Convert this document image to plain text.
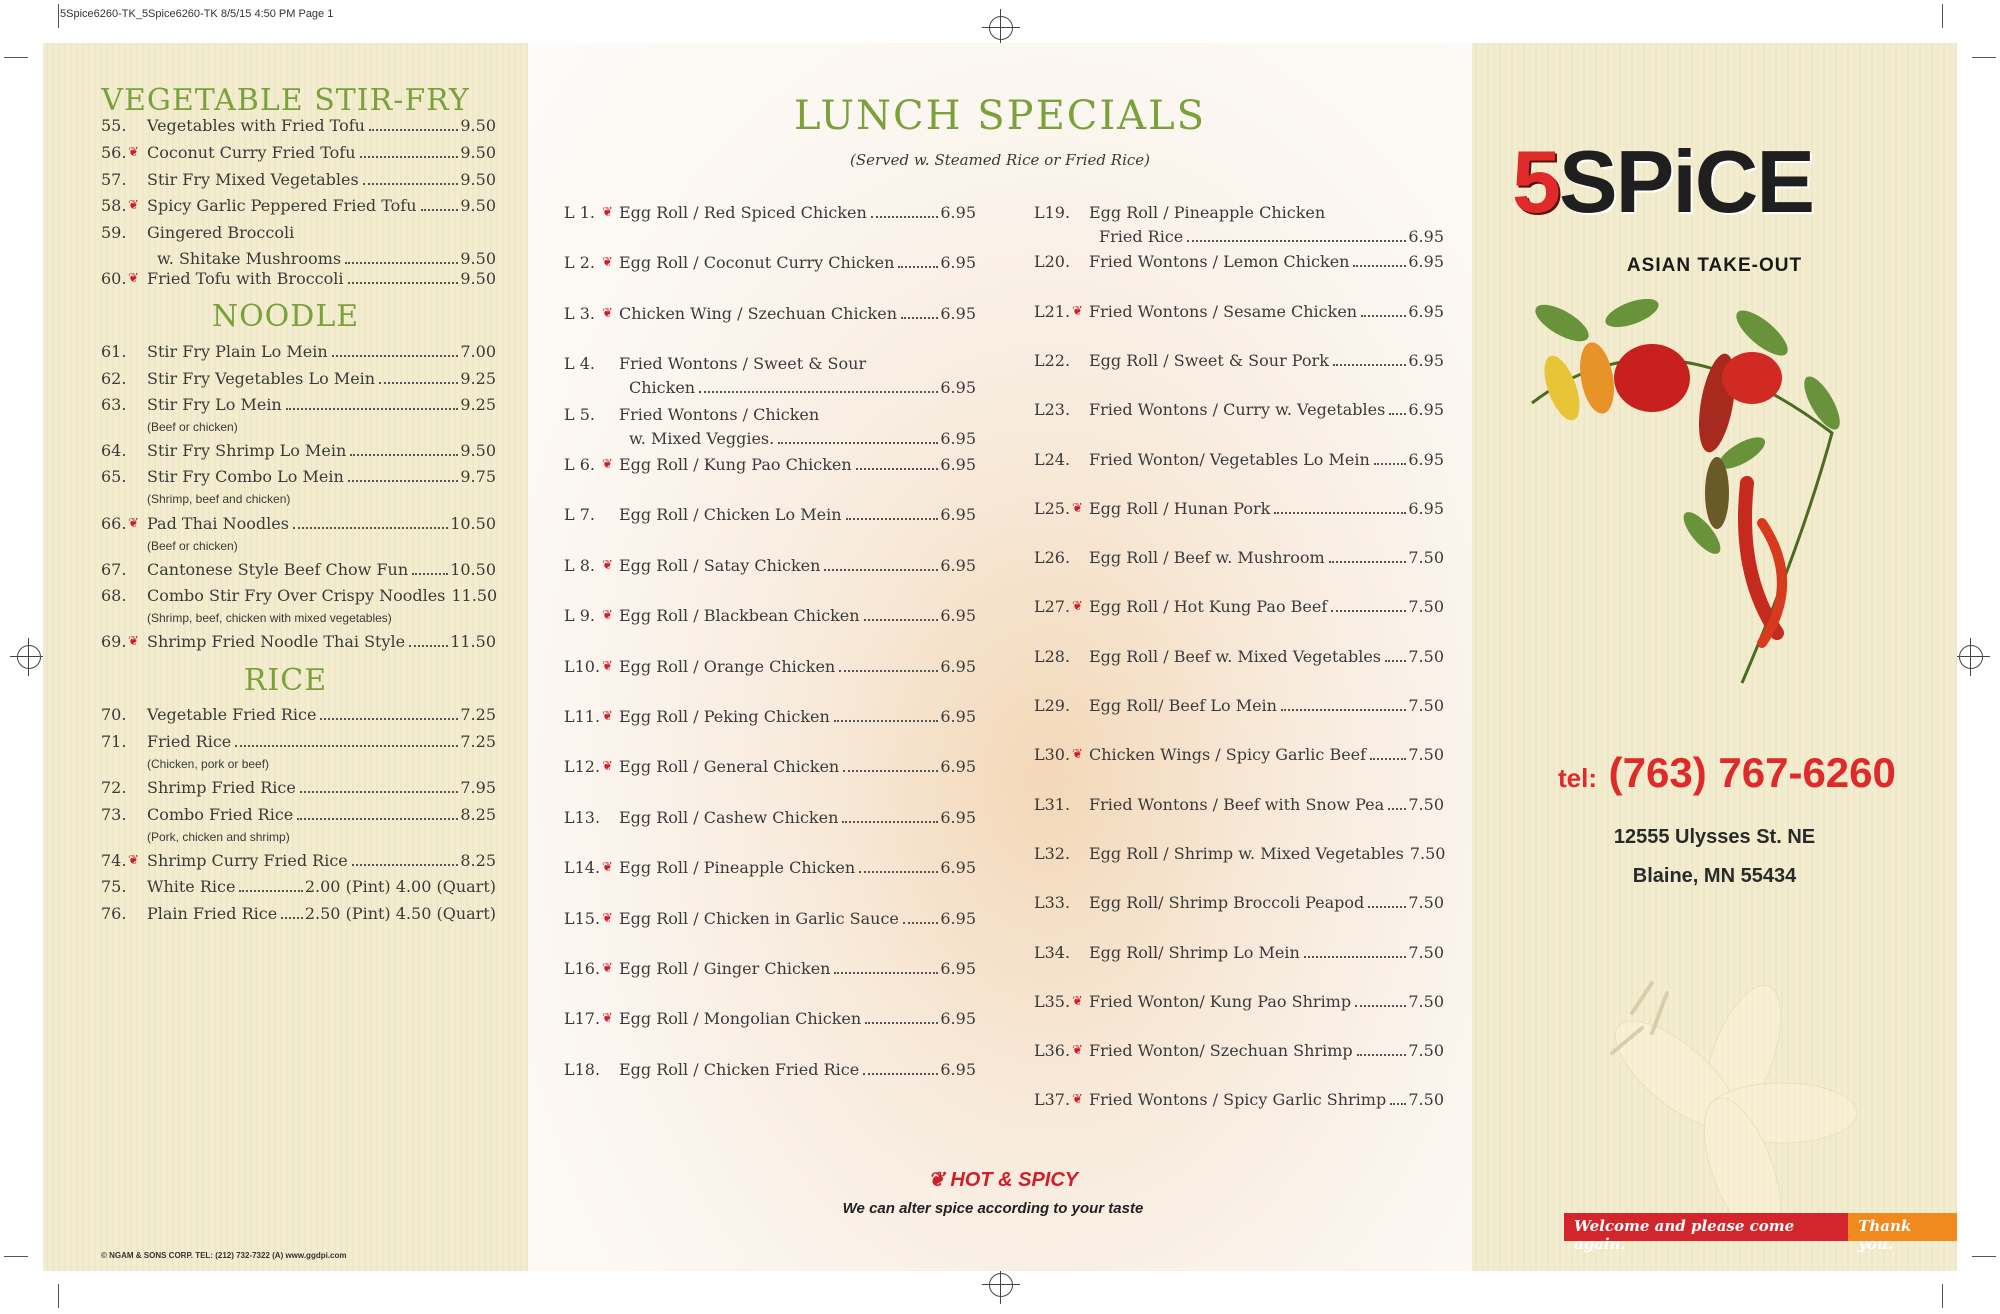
5Spice6260-TK_5Spice6260-TK 8/5/15 4:50 PM Page 1
VEGETABLE STIR-FRY
55.	Vegetables with Fried Tofu	9.50
56. ❦ Coconut Curry Fried Tofu	9.50
57.	Stir Fry Mixed Vegetables	9.50
58. ❦ Spicy Garlic Peppered Fried Tofu	9.50
59.	Gingered Broccoli
w. Shitake Mushrooms	9.50
60. ❦ Fried Tofu with Broccoli	9.50
NOODLE
61.	Stir Fry Plain Lo Mein	7.00
62.	Stir Fry Vegetables Lo Mein	9.25
63.	Stir Fry Lo Mein	9.25
(Beef or chicken)
64.	Stir Fry Shrimp Lo Mein	9.50
65.	Stir Fry Combo Lo Mein	9.75
(Shrimp, beef and chicken)
66. ❦ Pad Thai Noodles	10.50
(Beef or chicken)
67.	Cantonese Style Beef Chow Fun	10.50
68.	Combo Stir Fry Over Crispy Noodles 11.50
(Shrimp, beef, chicken with mixed vegetables)
69. ❦ Shrimp Fried Noodle Thai Style	11.50
RICE
70.	Vegetable Fried Rice	7.25
71.	Fried Rice	7.25
(Chicken, pork or beef)
72.	Shrimp Fried Rice	7.95
73.	Combo Fried Rice	8.25
(Pork, chicken and shrimp)
74. ❦ Shrimp Curry Fried Rice	8.25
75.	White Rice	2.00 (Pint) 4.00 (Quart)
76.	Plain Fried Rice 2.50 (Pint) 4.50 (Quart)
© NGAM & SONS CORP. TEL: (212) 732-7322 (A) www.ggdpi.com
LUNCH SPECIALS
(Served w. Steamed Rice or Fried Rice)
❦ HOT & SPICY
We can alter spice according to your taste
L 1. ❦ Egg Roll / Red Spiced Chicken	6.95
L 2. ❦ Egg Roll / Coconut Curry Chicken	6.95
L 3. ❦ Chicken Wing / Szechuan Chicken	6.95
L 4.	Fried Wontons / Sweet & Sour
Chicken	6.95
L 5.	Fried Wontons / Chicken
w. Mixed Veggies.	6.95
L 6. ❦ Egg Roll / Kung Pao Chicken	6.95
L 7.	Egg Roll / Chicken Lo Mein	6.95
L 8. ❦ Egg Roll / Satay Chicken	6.95
L 9. ❦ Egg Roll / Blackbean Chicken	6.95
L10. ❦ Egg Roll / Orange Chicken	6.95
L11. ❦ Egg Roll / Peking Chicken	6.95
L12. ❦ Egg Roll / General Chicken	6.95
L13. Egg Roll / Cashew Chicken	6.95
L14. ❦ Egg Roll / Pineapple Chicken	6.95
L15. ❦ Egg Roll / Chicken in Garlic Sauce	6.95
L16. ❦ Egg Roll / Ginger Chicken	6.95
L17. ❦ Egg Roll / Mongolian Chicken	6.95
L18. Egg Roll / Chicken Fried Rice	6.95
L19. Egg Roll / Pineapple Chicken
Fried Rice	6.95
L20. Fried Wontons / Lemon Chicken	6.95
L21. ❦ Fried Wontons / Sesame Chicken	6.95
L22. Egg Roll / Sweet & Sour Pork	6.95
L23. Fried Wontons / Curry w. Vegetables 6.95
L24. Fried Wonton/ Vegetables Lo Mein 6.95
L25. ❦ Egg Roll / Hunan Pork	6.95
L26. Egg Roll / Beef w. Mushroom	7.50
L27. ❦ Egg Roll / Hot Kung Pao Beef	7.50
L28. Egg Roll / Beef w. Mixed Vegetables 7.50
L29. Egg Roll/ Beef Lo Mein	7.50
L30. ❦ Chicken Wings / Spicy Garlic Beef	7.50
L31. Fried Wontons / Beef with Snow Pea 7.50
L32. Egg Roll / Shrimp w. Mixed Vegetables 7.50
L33. Egg Roll/ Shrimp Broccoli Peapod	7.50
L34. Egg Roll/ Shrimp Lo Mein	7.50
L35. ❦ Fried Wonton/ Kung Pao Shrimp	7.50
L36. ❦ Fried Wonton/ Szechuan Shrimp	7.50
L37. ❦ Fried Wontons / Spicy Garlic Shrimp 7.50
5SPiCE
ASIAN TAKE-OUT
tel: (763) 767-6260
12555 Ulysses St. NE
Blaine, MN 55434
Welcome and please come again.
Thank you.
